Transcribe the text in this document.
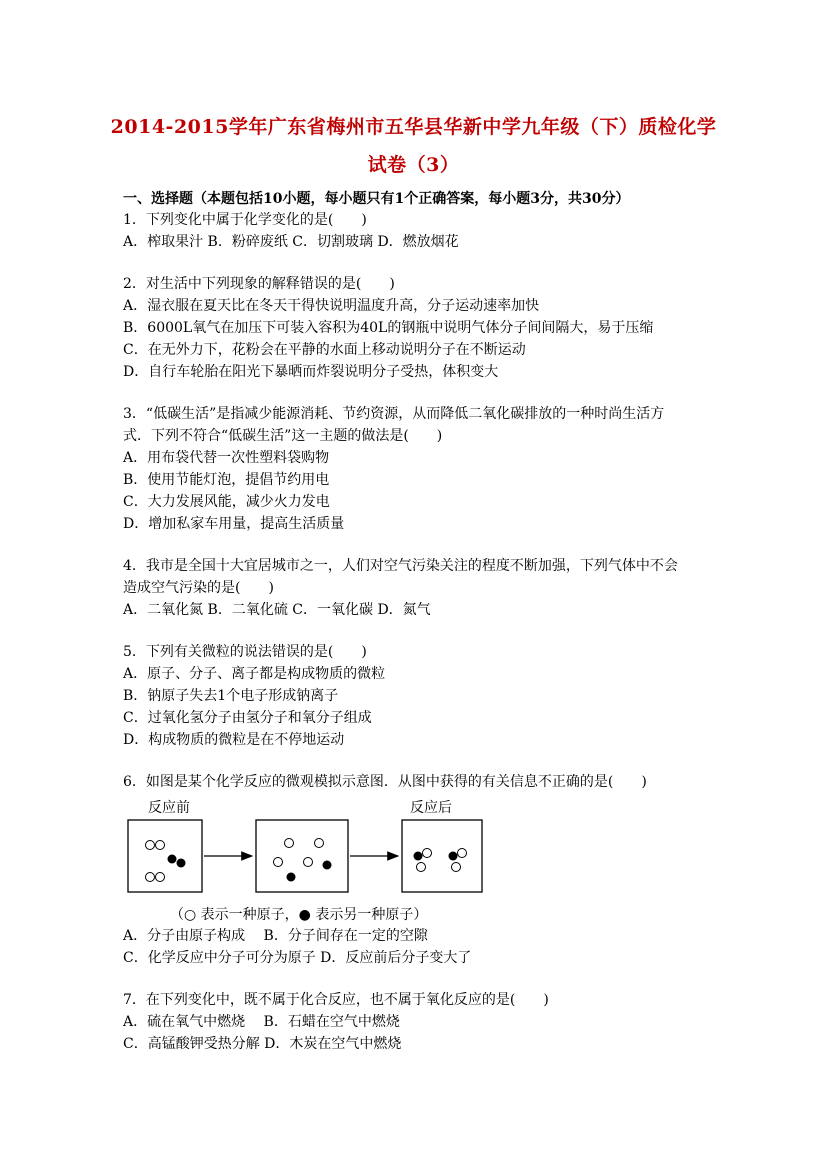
2014-2015学年广东省梅州市五华县华新中学九年级（下）质检化学
试卷（3）
一、选择题（本题包括10小题，每小题只有1个正确答案，每小题3分，共30分）
1．下列变化中属于化学变化的是(　　)
A．榨取果汁 B．粉碎废纸 C．切割玻璃 D．燃放烟花
2．对生活中下列现象的解释错误的是(　　)
A．湿衣服在夏天比在冬天干得快说明温度升高，分子运动速率加快
B．6000L氧气在加压下可装入容积为40L的钢瓶中说明气体分子间间隔大，易于压缩
C．在无外力下，花粉会在平静的水面上移动说明分子在不断运动
D．自行车轮胎在阳光下暴晒而炸裂说明分子受热，体积变大
3．“低碳生活”是指减少能源消耗、节约资源，从而降低二氧化碳排放的一种时尚生活方
式．下列不符合“低碳生活”这一主题的做法是(　　)
A．用布袋代替一次性塑料袋购物
B．使用节能灯泡，提倡节约用电
C．大力发展风能，减少火力发电
D．增加私家车用量，提高生活质量
4．我市是全国十大宜居城市之一，人们对空气污染关注的程度不断加强，下列气体中不会
造成空气污染的是(　　)
A．二氧化氮 B．二氧化硫 C．一氧化碳 D．氮气
5．下列有关微粒的说法错误的是(　　)
A．原子、分子、离子都是构成物质的微粒
B．钠原子失去1个电子形成钠离子
C．过氧化氢分子由氢分子和氧分子组成
D．构成物质的微粒是在不停地运动
6．如图是某个化学反应的微观模拟示意图．从图中获得的有关信息不正确的是(　　)
反应前	反应后
（○ 表示一种原子，● 表示另一种原子）
A．分子由原子构成　 B．分子间存在一定的空隙
C．化学反应中分子可分为原子 D．反应前后分子变大了
7．在下列变化中，既不属于化合反应，也不属于氧化反应的是(　　)
A．硫在氧气中燃烧　 B．石蜡在空气中燃烧
C．高锰酸钾受热分解 D．木炭在空气中燃烧
